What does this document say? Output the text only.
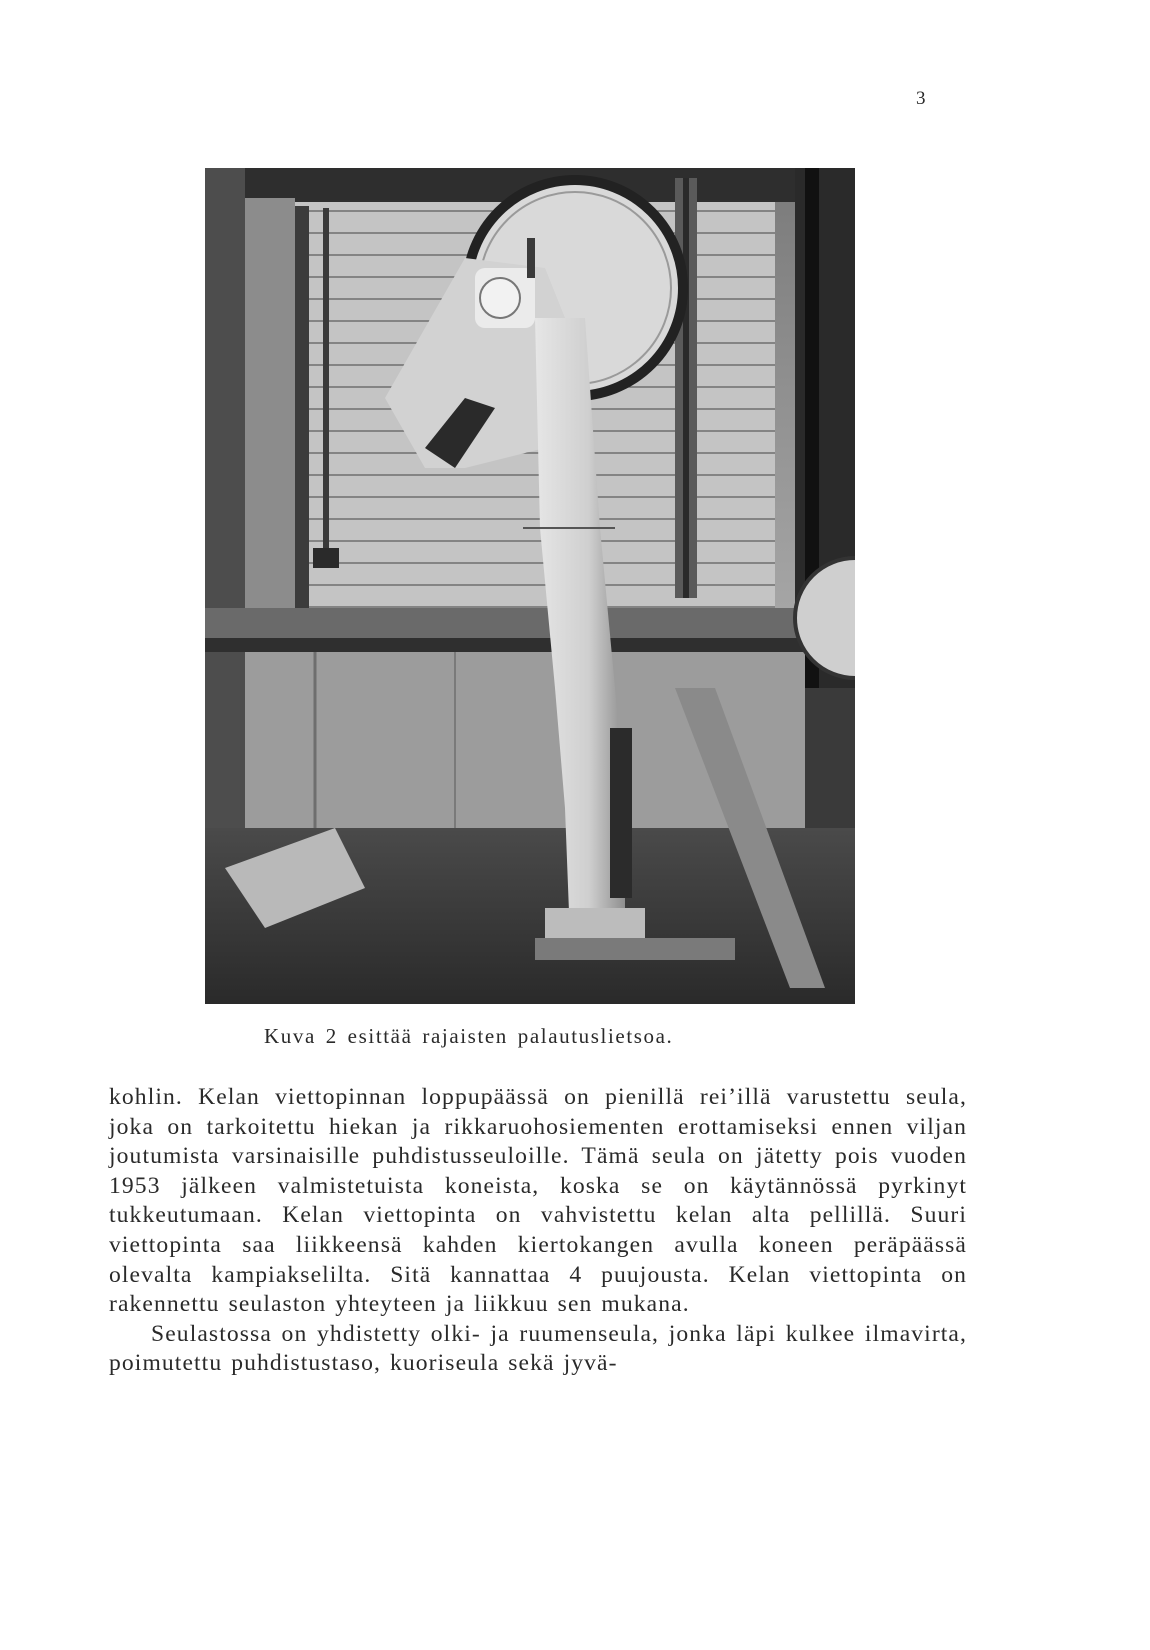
3
Kuva 2 esittää rajaisten palautuslietsoa.

kohlin. Kelan viettopinnan loppupäässä on pienillä rei’illä varustettu seula, joka on tarkoitettu hiekan ja rikkaruohosiementen erottamiseksi ennen viljan joutumista varsinaisille puhdistusseuloille. Tämä seula on jätetty pois vuoden 1953 jälkeen valmistetuista koneista, koska se on käytännössä pyrkinyt tukkeutumaan. Kelan viettopinta on vahvistettu kelan alta pellillä. Suuri viettopinta saa liikkeensä kahden kiertokangen avulla koneen peräpäässä olevalta kampiakselilta. Sitä kannattaa 4 puujousta. Kelan viettopinta on rakennettu seulaston yhteyteen ja liikkuu sen mukana.

Seulastossa on yhdistetty olki- ja ruumenseula, jonka läpi kulkee ilmavirta, poimutettu puhdistustaso, kuoriseula sekä jyvä-
